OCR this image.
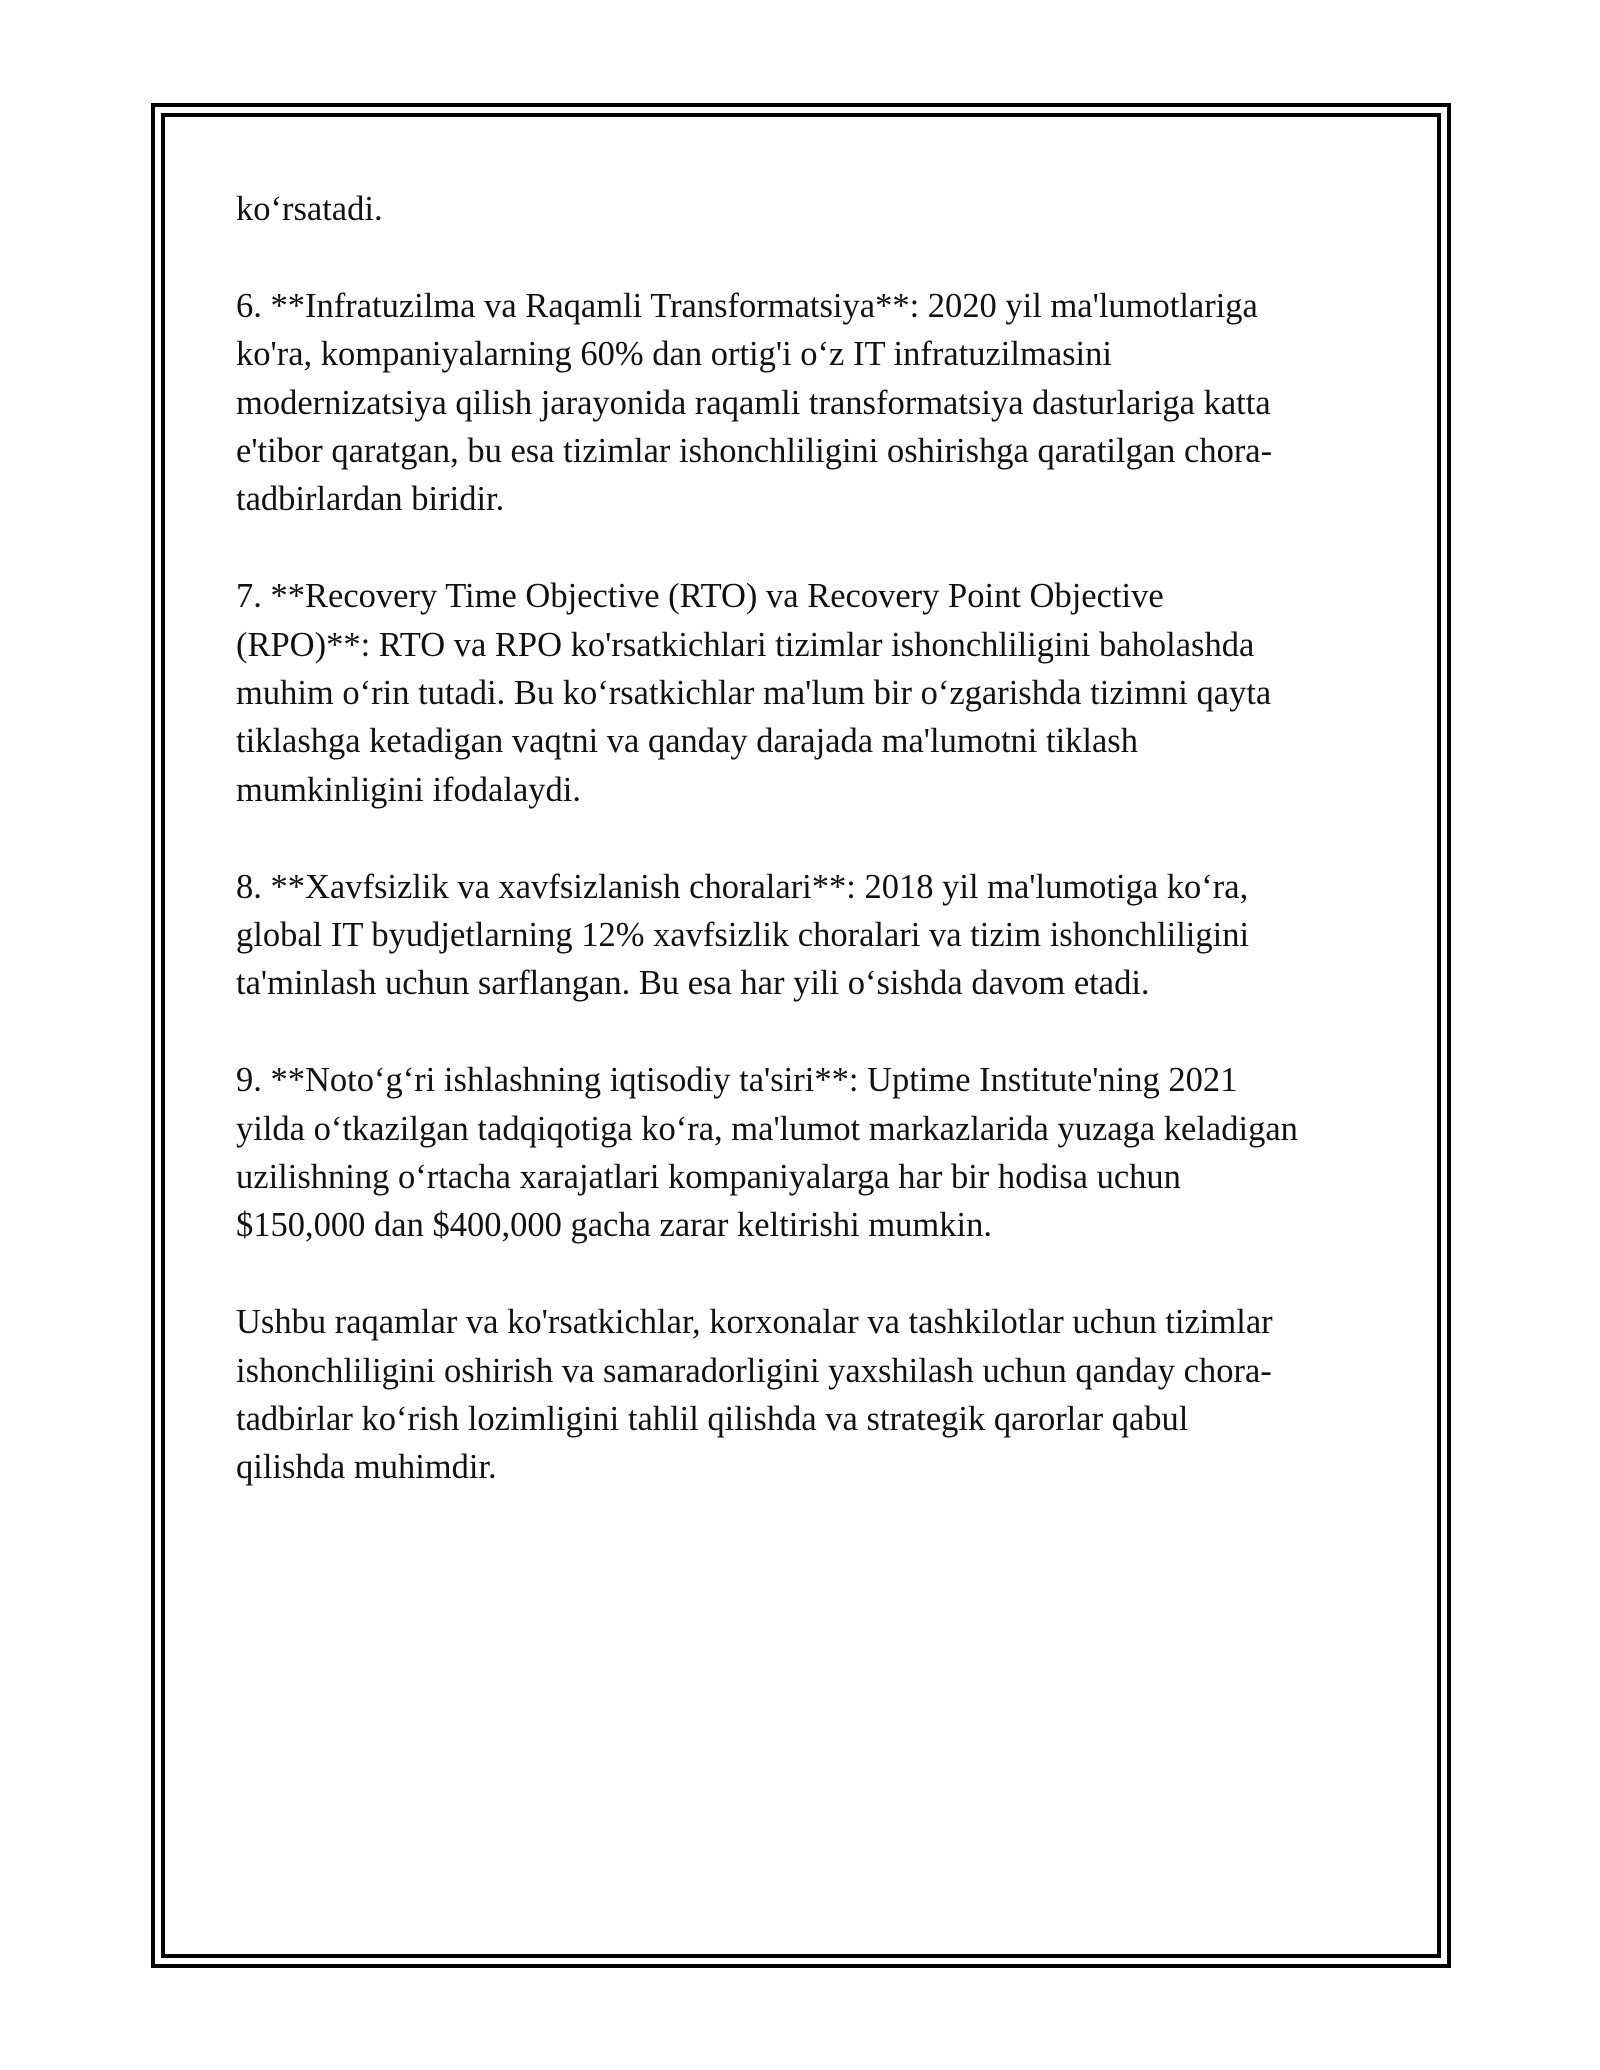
ko‘rsatadi.

6. **Infratuzilma va Raqamli Transformatsiya**: 2020 yil ma'lumotlariga

ko'ra, kompaniyalarning 60% dan ortig'i o‘z IT infratuzilmasini

modernizatsiya qilish jarayonida raqamli transformatsiya dasturlariga katta

e'tibor qaratgan, bu esa tizimlar ishonchliligini oshirishga qaratilgan chora-

tadbirlardan biridir.

7. **Recovery Time Objective (RTO) va Recovery Point Objective

(RPO)**: RTO va RPO ko'rsatkichlari tizimlar ishonchliligini baholashda

muhim o‘rin tutadi. Bu ko‘rsatkichlar ma'lum bir o‘zgarishda tizimni qayta

tiklashga ketadigan vaqtni va qanday darajada ma'lumotni tiklash

mumkinligini ifodalaydi.

8. **Xavfsizlik va xavfsizlanish choralari**: 2018 yil ma'lumotiga ko‘ra,

global IT byudjetlarning 12% xavfsizlik choralari va tizim ishonchliligini

ta'minlash uchun sarflangan. Bu esa har yili o‘sishda davom etadi.

9. **Noto‘g‘ri ishlashning iqtisodiy ta'siri**: Uptime Institute'ning 2021

yilda o‘tkazilgan tadqiqotiga ko‘ra, ma'lumot markazlarida yuzaga keladigan

uzilishning o‘rtacha xarajatlari kompaniyalarga har bir hodisa uchun

$150,000 dan $400,000 gacha zarar keltirishi mumkin.

Ushbu raqamlar va ko'rsatkichlar, korxonalar va tashkilotlar uchun tizimlar

ishonchliligini oshirish va samaradorligini yaxshilash uchun qanday chora-

tadbirlar ko‘rish lozimligini tahlil qilishda va strategik qarorlar qabul

qilishda muhimdir.
